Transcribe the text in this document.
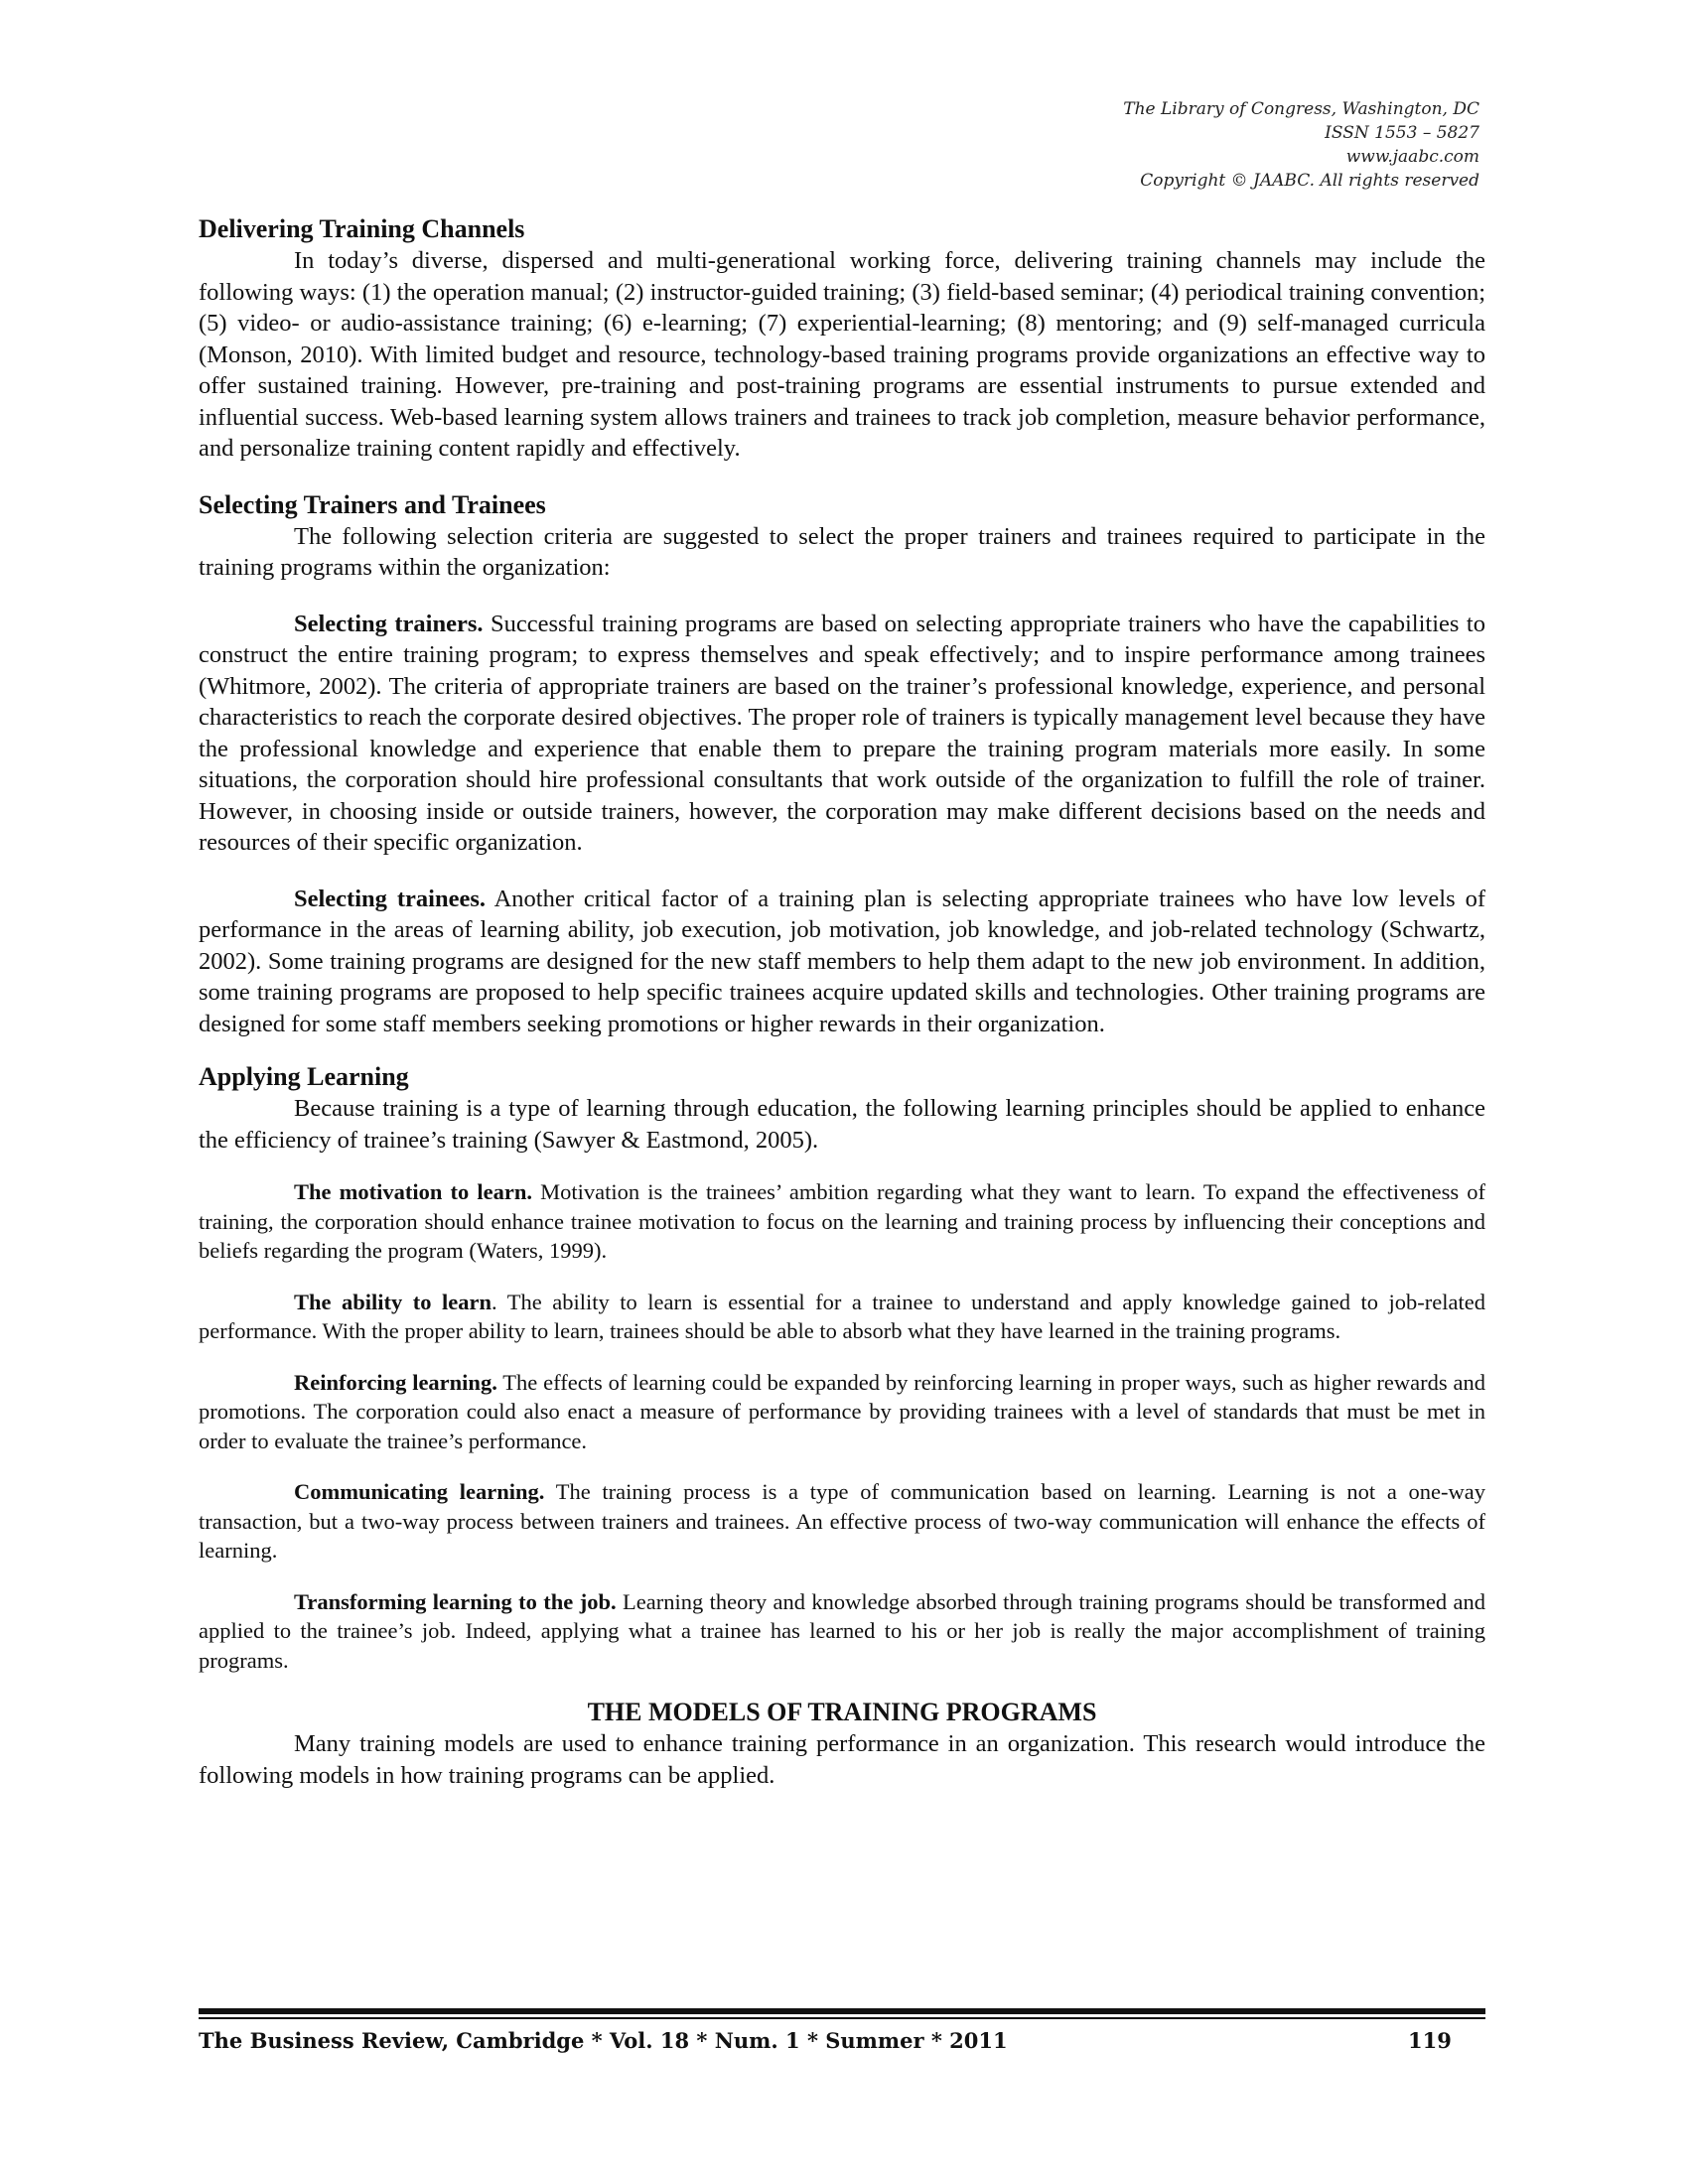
The Library of Congress, Washington, DC
ISSN 1553 – 5827
www.jaabc.com
Copyright © JAABC. All rights reserved
Delivering Training Channels

In today’s diverse, dispersed and multi-generational working force, delivering training channels may include the following ways: (1) the operation manual; (2) instructor-guided training; (3) field-based seminar; (4) periodical training convention; (5) video- or audio-assistance training; (6) e-learning; (7) experiential-learning; (8) mentoring; and (9) self-managed curricula (Monson, 2010). With limited budget and resource, technology-based training programs provide organizations an effective way to offer sustained training. However, pre-training and post-training programs are essential instruments to pursue extended and influential success. Web-based learning system allows trainers and trainees to track job completion, measure behavior performance, and personalize training content rapidly and effectively.

Selecting Trainers and Trainees

The following selection criteria are suggested to select the proper trainers and trainees required to participate in the training programs within the organization:

Selecting trainers. Successful training programs are based on selecting appropriate trainers who have the capabilities to construct the entire training program; to express themselves and speak effectively; and to inspire performance among trainees (Whitmore, 2002). The criteria of appropriate trainers are based on the trainer’s professional knowledge, experience, and personal characteristics to reach the corporate desired objectives. The proper role of trainers is typically management level because they have the professional knowledge and experience that enable them to prepare the training program materials more easily. In some situations, the corporation should hire professional consultants that work outside of the organization to fulfill the role of trainer. However, in choosing inside or outside trainers, however, the corporation may make different decisions based on the needs and resources of their specific organization.

Selecting trainees. Another critical factor of a training plan is selecting appropriate trainees who have low levels of performance in the areas of learning ability, job execution, job motivation, job knowledge, and job-related technology (Schwartz, 2002). Some training programs are designed for the new staff members to help them adapt to the new job environment. In addition, some training programs are proposed to help specific trainees acquire updated skills and technologies. Other training programs are designed for some staff members seeking promotions or higher rewards in their organization.

Applying Learning

Because training is a type of learning through education, the following learning principles should be applied to enhance the efficiency of trainee’s training (Sawyer & Eastmond, 2005).

The motivation to learn. Motivation is the trainees’ ambition regarding what they want to learn. To expand the effectiveness of training, the corporation should enhance trainee motivation to focus on the learning and training process by influencing their conceptions and beliefs regarding the program (Waters, 1999).

The ability to learn. The ability to learn is essential for a trainee to understand and apply knowledge gained to job-related performance. With the proper ability to learn, trainees should be able to absorb what they have learned in the training programs.

Reinforcing learning. The effects of learning could be expanded by reinforcing learning in proper ways, such as higher rewards and promotions. The corporation could also enact a measure of performance by providing trainees with a level of standards that must be met in order to evaluate the trainee’s performance.

Communicating learning. The training process is a type of communication based on learning. Learning is not a one-way transaction, but a two-way process between trainers and trainees. An effective process of two-way communication will enhance the effects of learning.

Transforming learning to the job. Learning theory and knowledge absorbed through training programs should be transformed and applied to the trainee’s job. Indeed, applying what a trainee has learned to his or her job is really the major accomplishment of training programs.

THE MODELS OF TRAINING PROGRAMS

Many training models are used to enhance training performance in an organization. This research would introduce the following models in how training programs can be applied.

The Business Review, Cambridge * Vol. 18 * Num. 1 * Summer * 2011	119
